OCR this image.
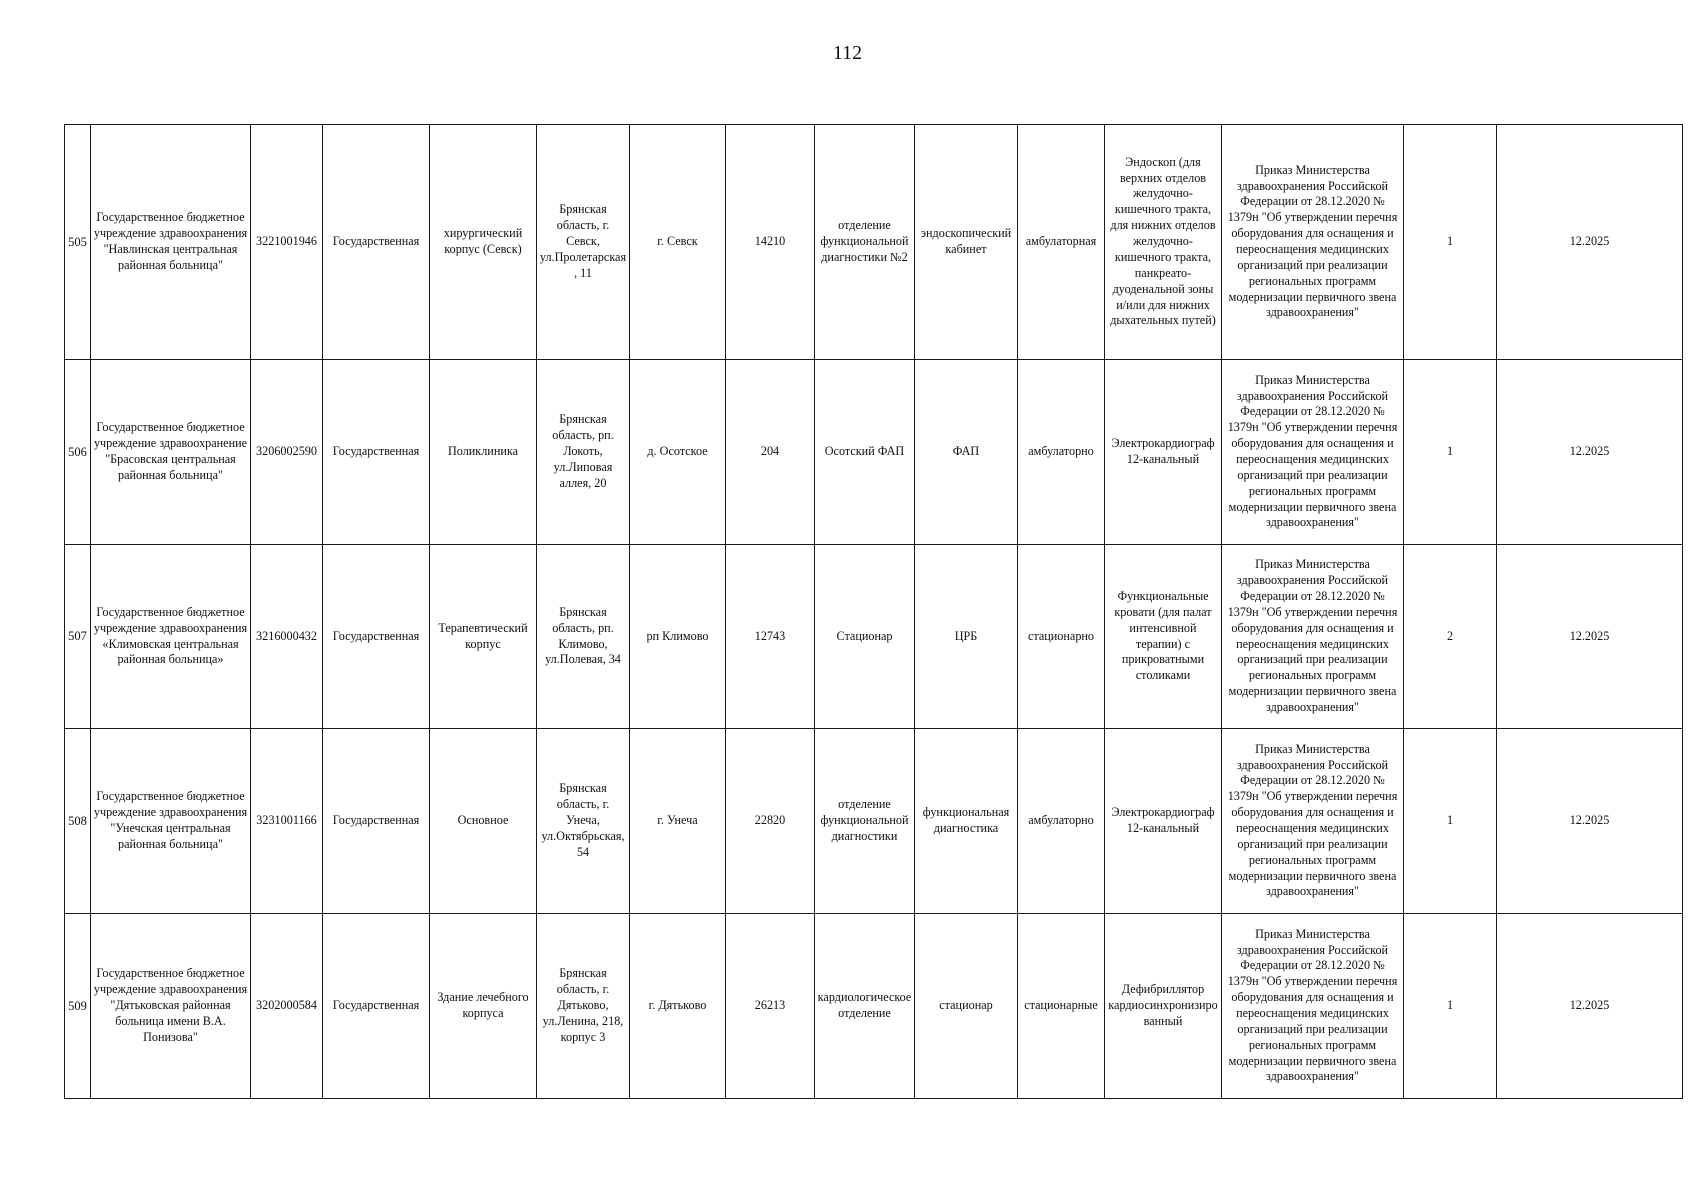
112
505	Государственное бюджетное учреждение здравоохранения "Навлинская центральная районная больница"	3221001946	Государственная	хирургический корпус (Севск)	Брянская область, г. Севск, ул.Пролетарская, 11	г. Севск	14210	отделение функциональной диагностики №2	эндоскопический кабинет	амбулаторная	Эндоскоп (для верхних отделов желудочно-кишечного тракта, для нижних отделов желудочно-кишечного тракта, панкреато-дуоденальной зоны и/или для нижних дыхательных путей)	Приказ Министерства здравоохранения Российской Федерации от 28.12.2020 № 1379н "Об утверждении перечня оборудования для оснащения и переоснащения медицинских организаций при реализации региональных программ модернизации первичного звена здравоохранения"	1	12.2025
506	Государственное бюджетное учреждение здравоохранение "Брасовская центральная районная больница"	3206002590	Государственная	Поликлиника	Брянская область, рп. Локоть, ул.Липовая аллея, 20	д. Осотское	204	Осотский ФАП	ФАП	амбулаторно	Электрокардиограф 12-канальный	Приказ Министерства здравоохранения Российской Федерации от 28.12.2020 № 1379н "Об утверждении перечня оборудования для оснащения и переоснащения медицинских организаций при реализации региональных программ модернизации первичного звена здравоохранения"	1	12.2025
507	Государственное бюджетное учреждение здравоохранения «Климовская центральная районная больница»	3216000432	Государственная	Терапевтический корпус	Брянская область, рп. Климово, ул.Полевая, 34	рп Климово	12743	Стационар	ЦРБ	стационарно	Функциональные кровати (для палат интенсивной терапии) с прикроватными столиками	Приказ Министерства здравоохранения Российской Федерации от 28.12.2020 № 1379н "Об утверждении перечня оборудования для оснащения и переоснащения медицинских организаций при реализации региональных программ модернизации первичного звена здравоохранения"	2	12.2025
508	Государственное бюджетное учреждение здравоохранения "Унечская центральная районная больница"	3231001166	Государственная	Основное	Брянская область, г. Унеча, ул.Октябрьская, 54	г. Унеча	22820	отделение функциональной диагностики	функциональная диагностика	амбулаторно	Электрокардиограф 12-канальный	Приказ Министерства здравоохранения Российской Федерации от 28.12.2020 № 1379н "Об утверждении перечня оборудования для оснащения и переоснащения медицинских организаций при реализации региональных программ модернизации первичного звена здравоохранения"	1	12.2025
509	Государственное бюджетное учреждение здравоохранения "Дятьковская районная больница имени В.А. Понизова"	3202000584	Государственная	Здание лечебного корпуса	Брянская область, г. Дятьково, ул.Ленина, 218, корпус 3	г. Дятьково	26213	кардиологическое отделение	стационар	стационарные	Дефибриллятор кардиосинхронизированный	Приказ Министерства здравоохранения Российской Федерации от 28.12.2020 № 1379н "Об утверждении перечня оборудования для оснащения и переоснащения медицинских организаций при реализации региональных программ модернизации первичного звена здравоохранения"	1	12.2025
